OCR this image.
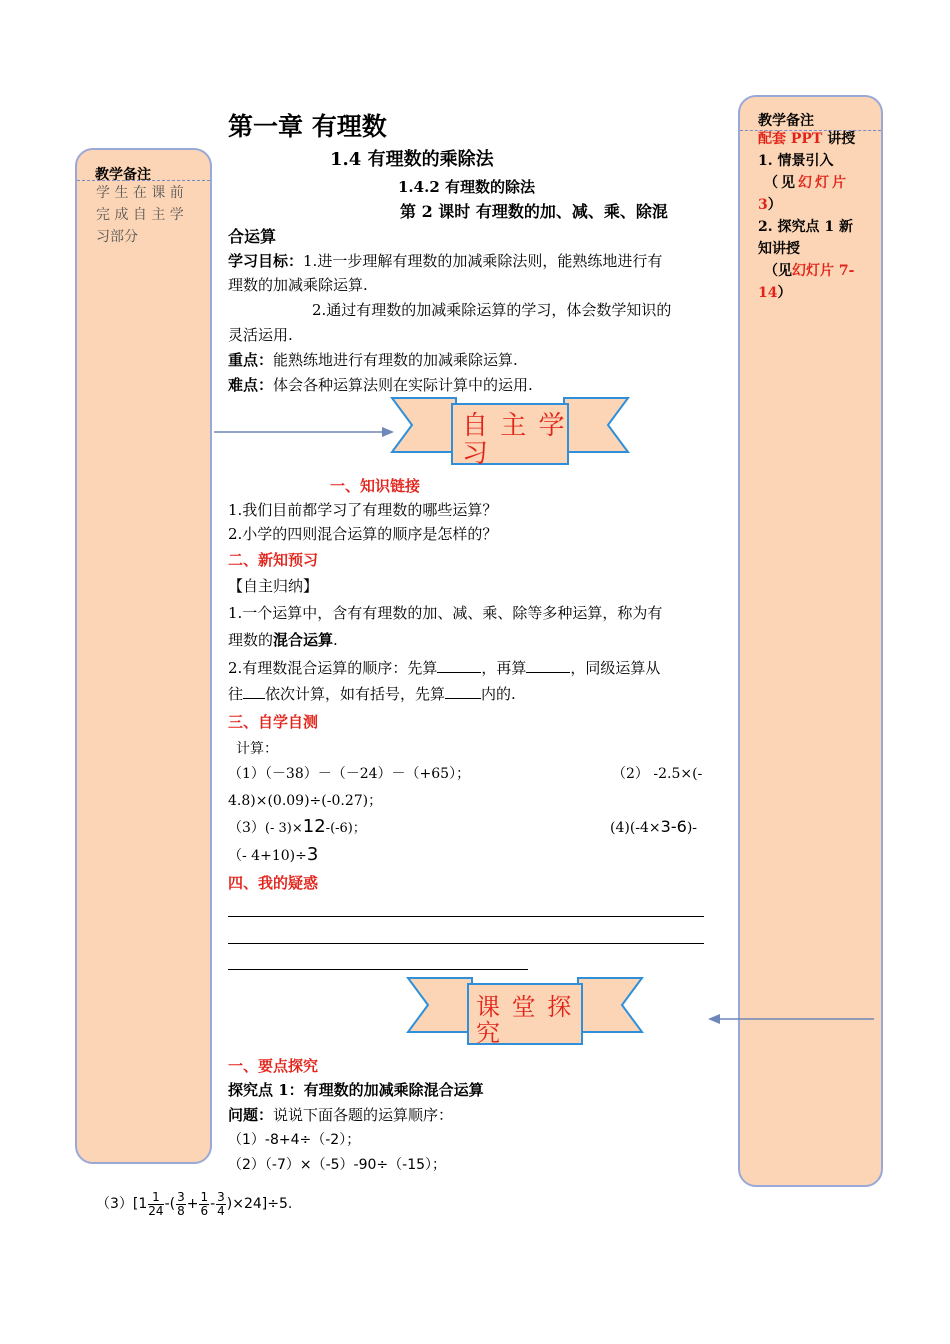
教学备注
学 生 在 课 前
完 成 自 主 学
习部分
教学备注
配套 PPT 讲授
1. 情景引入
（见幻灯片
3）
2. 探究点 1 新
知讲授
（见幻灯片 7-
14）
第一章 有理数
1.4 有理数的乘除法
1.4.2 有理数的除法
第 2 课时 有理数的加、减、乘、除混
合运算
学习目标：1.进一步理解有理数的加减乘除法则，能熟练地进行有
理数的加减乘除运算.
2.通过有理数的加减乘除运算的学习，体会数学知识的
灵活运用.
重点：能熟练地进行有理数的加减乘除运算.
难点：体会各种运算法则在实际计算中的运用.
自 主 学
习
一、知识链接
1.我们目前都学习了有理数的哪些运算？
2.小学的四则混合运算的顺序是怎样的？
二、新知预习
【自主归纳】
1.一个运算中，含有有理数的加、减、乘、除等多种运算，称为有
理数的混合运算.
2.有理数混合运算的顺序：先算	，再算	，同级运算从
往 依次计算，如有括号，先算 内的.
三、自学自测
计算：
（1）（－38）－（－24）－（+65）；	（2） -2.5×(-
4.8)×(0.09)÷(-0.27)；
（3）(- 3)×12-(-6)；	(4)(-4×3-6)-
（- 4+10)÷3
四、我的疑惑
课 堂 探
究
一、要点探究
探究点 1：有理数的加减乘除混合运算
问题：说说下面各题的运算顺序：
（1）-8+4÷（-2）；
（2）（-7）×（-5）-90÷（-15）；
$(3)[1 \frac{1}{24}$ -( $\frac{3}{8} + \frac{1}{6} - \frac{3}{4} )\times 24]\div 5$.
